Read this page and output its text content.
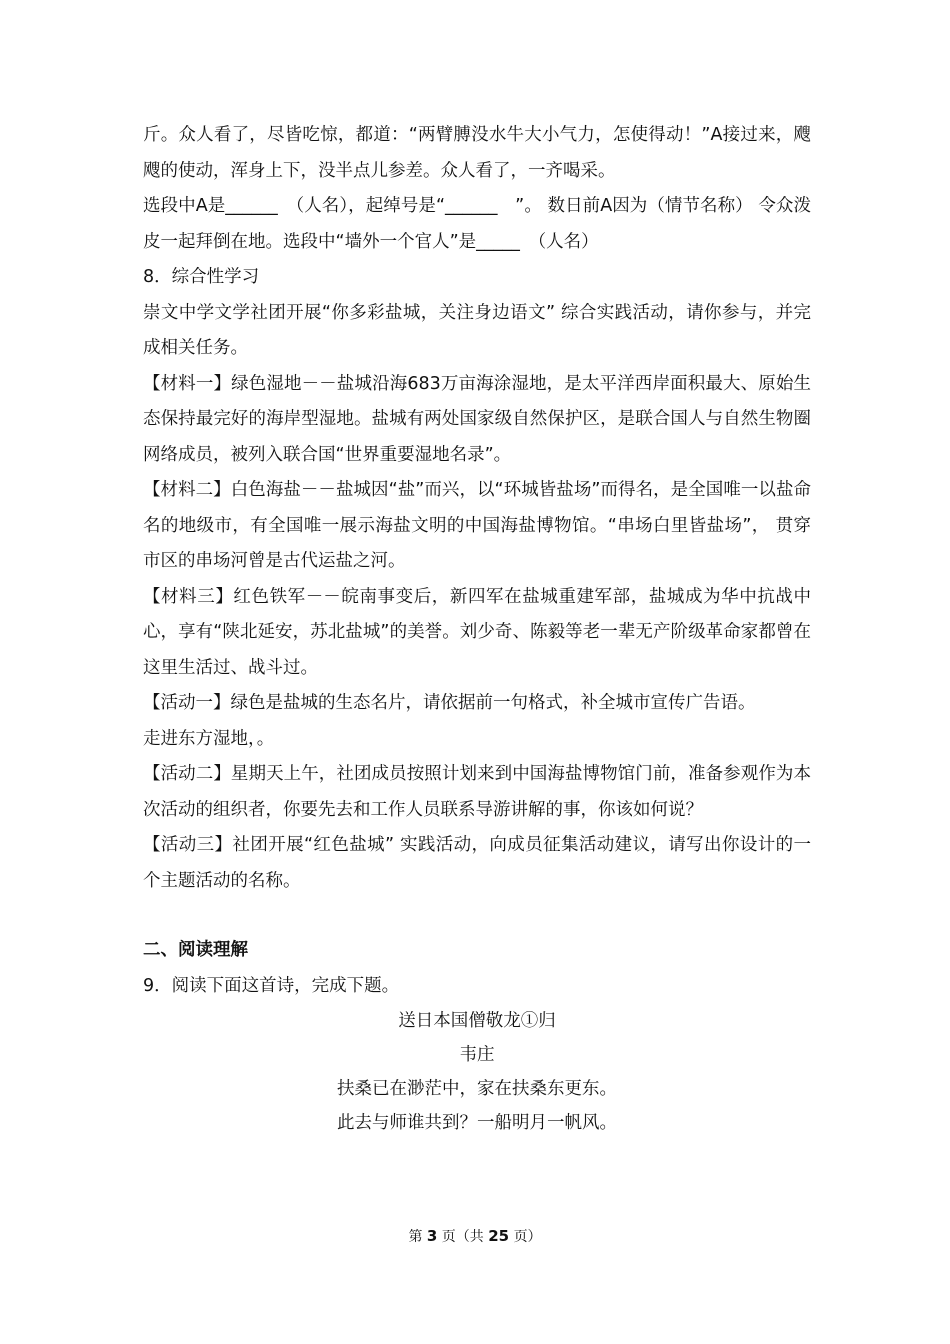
斤。众人看了，尽皆吃惊，都道：“两臂膊没水牛大小气力，怎使得动！”A接过来，飕飕的使动，浑身上下，没半点儿参差。众人看了，一齐喝采。

选段中A是______　（人名），起绰号是“______　”。 数日前A因为（情节名称） 令众泼皮一起拜倒在地。选段中“墙外一个官人”是_____　（人名）

8．综合性学习

崇文中学文学社团开展“你多彩盐城，关注身边语文” 综合实践活动，请你参与，并完成相关任务。

【材料一】绿色湿地－－盐城沿海683万亩海涂湿地，是太平洋西岸面积最大、原始生态保持最完好的海岸型湿地。盐城有两处国家级自然保护区，是联合国人与自然生物圈网络成员，被列入联合国“世界重要湿地名录”。

【材料二】白色海盐－－盐城因“盐”而兴，以“环城皆盐场”而得名，是全国唯一以盐命名的地级市，有全国唯一展示海盐文明的中国海盐博物馆。“串场白里皆盐场”， 贯穿市区的串场河曾是古代运盐之河。

【材料三】红色铁军－－皖南事变后，新四军在盐城重建军部，盐城成为华中抗战中心，享有“陕北延安，苏北盐城”的美誉。刘少奇、陈毅等老一辈无产阶级革命家都曾在这里生活过、战斗过。

【活动一】绿色是盐城的生态名片，请依据前一句格式，补全城市宣传广告语。

走进东方湿地，。

【活动二】星期天上午，社团成员按照计划来到中国海盐博物馆门前，准备参观作为本次活动的组织者，你要先去和工作人员联系导游讲解的事，你该如何说？

【活动三】社团开展“红色盐城” 实践活动，向成员征集活动建议，请写出你设计的一个主题活动的名称。

二、阅读理解

9．阅读下面这首诗，完成下题。

送日本国僧敬龙①归

韦庄

扶桑已在渺茫中，家在扶桑东更东。

此去与师谁共到？一船明月一帆风。

第 3 页（共 25 页）
